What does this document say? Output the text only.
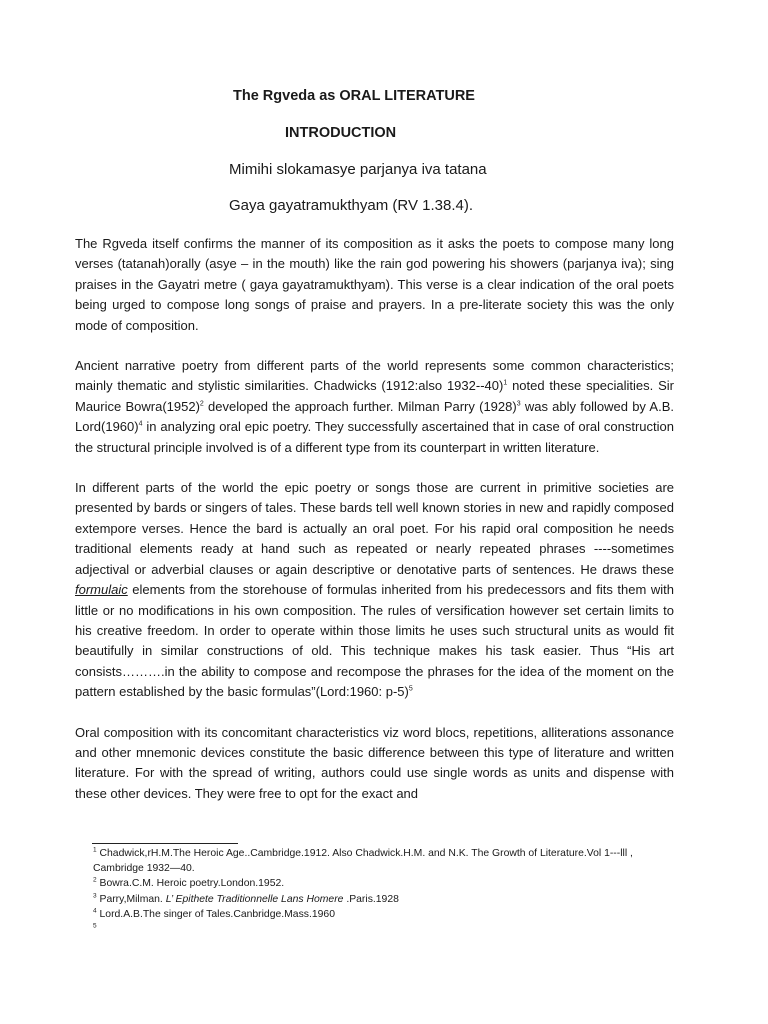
The Rgveda as ORAL LITERATURE
INTRODUCTION
Mimihi slokamasye parjanya iva tatana
Gaya gayatramukthyam (RV 1.38.4).

The Rgveda itself confirms the manner of its composition as it asks the poets to compose many long verses (tatanah)orally (asye – in the mouth) like the rain god powering his showers (parjanya iva); sing praises in the Gayatri metre ( gaya gayatramukthyam). This verse is a clear indication of the oral poets being urged to compose long songs of praise and prayers. In a pre-literate society this was the only mode of composition.

Ancient narrative poetry from different parts of the world represents some common characteristics; mainly thematic and stylistic similarities. Chadwicks (1912:also 1932--40)$^1$ noted these specialities. Sir Maurice $Bowra(1952)^2$ developed the approach further. Milman Parry $(1928)^3$ was ably followed by A.B. $Lord(1960)^4$ in analyzing oral epic poetry. They successfully ascertained that in case of oral construction the structural principle involved is of a different type from its counterpart in written literature.

In different parts of the world the epic poetry or songs those are current in primitive societies are presented by bards or singers of tales. These bards tell well known stories in new and rapidly composed extempore verses. Hence the bard is actually an oral poet. For his rapid oral composition he needs traditional elements ready at hand such as repeated or nearly repeated phrases ----sometimes adjectival or adverbial clauses or again descriptive or denotative parts of sentences. He draws these formulaic elements from the storehouse of formulas inherited from his predecessors and fits them with little or no modifications in his own composition. The rules of versification however set certain limits to his creative freedom. In order to operate within those limits he uses such structural units as would fit beautifully in similar constructions of old. This technique makes his task easier. Thus “His art consists……….in the ability to compose and recompose the phrases for the idea of the moment on the pattern established by the basic formulas”(Lord:1960: p-5)$^5$

Oral composition with its concomitant characteristics viz word blocs, repetitions, alliterations assonance and other mnemonic devices constitute the basic difference between this type of literature and written literature. For with the spread of writing, authors could use single words as units and dispense with these other devices. They were free to opt for the exact and

$^1$ Chadwick,rH.M.The Heroic Age..Cambridge.1912. Also Chadwick.H.M. and N.K. The Growth of Literature.Vol 1---lll , Cambridge 1932—40.

$^2$ Bowra.C.M. Heroic poetry.London.1952.

$^3$ Parry,Milman. L’ Epithete Traditionnelle Lans Homere .Paris.1928

$^4$ Lord.A.B.The singer of Tales.Canbridge.Mass.1960

$^5$
